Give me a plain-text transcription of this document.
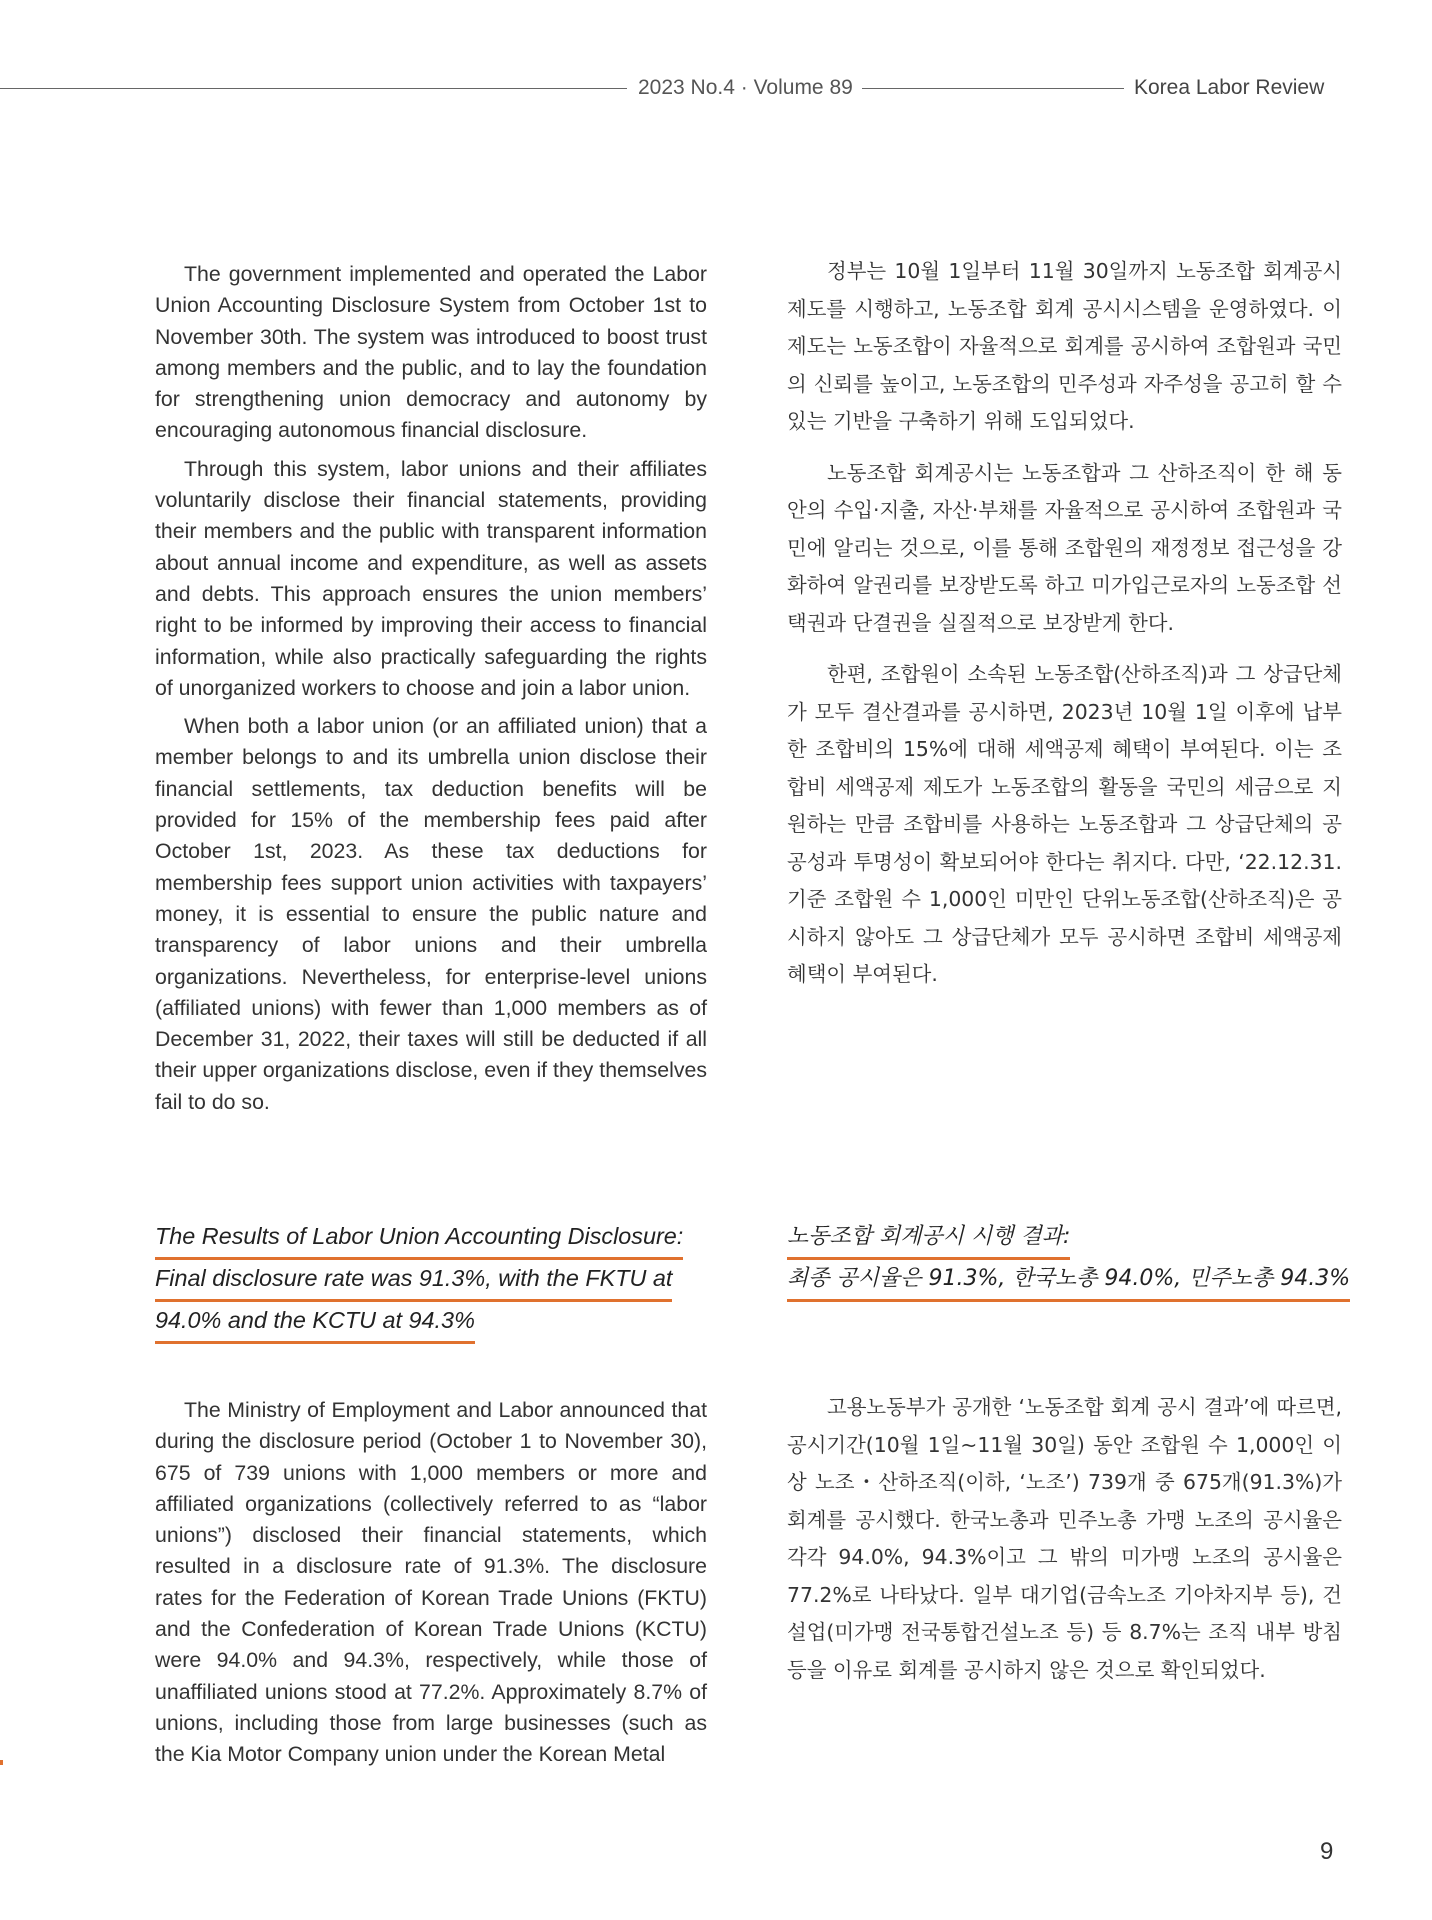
2023 No.4 · Volume 89	Korea Labor Review

The government implemented and operated the Labor Union Accounting Disclosure System from October 1st to November 30th. The system was introduced to boost trust among members and the public, and to lay the foundation for strengthening union democracy and autonomy by encouraging autonomous financial disclosure.

Through this system, labor unions and their affiliates voluntarily disclose their financial statements, providing their members and the public with transparent information about annual income and expenditure, as well as assets and debts. This approach ensures the union members’ right to be informed by improving their access to financial information, while also practically safeguarding the rights of unorganized workers to choose and join a labor union.

When both a labor union (or an affiliated union) that a member belongs to and its umbrella union disclose their financial settlements, tax deduction benefits will be provided for 15% of the membership fees paid after October 1st, 2023. As these tax deductions for membership fees support union activities with taxpayers’ money, it is essential to ensure the public nature and transparency of labor unions and their umbrella organizations. Nevertheless, for enterprise-level unions (affiliated unions) with fewer than 1,000 members as of December 31, 2022, their taxes will still be deducted if all their upper organizations disclose, even if they themselves fail to do so.

정부는 10월 1일부터 11월 30일까지 노동조합 회계공시 제도를 시행하고, 노동조합 회계 공시시스템을 운영하였다. 이 제도는 노동조합이 자율적으로 회계를 공시하여 조합원과 국민의 신뢰를 높이고, 노동조합의 민주성과 자주성을 공고히 할 수 있는 기반을 구축하기 위해 도입되었다.

노동조합 회계공시는 노동조합과 그 산하조직이 한 해 동안의 수입·지출, 자산·부채를 자율적으로 공시하여 조합원과 국민에 알리는 것으로, 이를 통해 조합원의 재정정보 접근성을 강화하여 알권리를 보장받도록 하고 미가입근로자의 노동조합 선택권과 단결권을 실질적으로 보장받게 한다.

한편, 조합원이 소속된 노동조합(산하조직)과 그 상급단체가 모두 결산결과를 공시하면, 2023년 10월 1일 이후에 납부한 조합비의 15%에 대해 세액공제 혜택이 부여된다. 이는 조합비 세액공제 제도가 노동조합의 활동을 국민의 세금으로 지원하는 만큼 조합비를 사용하는 노동조합과 그 상급단체의 공공성과 투명성이 확보되어야 한다는 취지다. 다만, ‘22.12.31. 기준 조합원 수 1,000인 미만인 단위노동조합(산하조직)은 공시하지 않아도 그 상급단체가 모두 공시하면 조합비 세액공제 혜택이 부여된다.

The Results of Labor Union Accounting Disclosure:
Final disclosure rate was 91.3%, with the FKTU at
94.0% and the KCTU at 94.3%
노동조합 회계공시 시행 결과:
최종 공시율은 91.3%, 한국노총 94.0%, 민주노총 94.3%

The Ministry of Employment and Labor announced that during the disclosure period (October 1 to November 30), 675 of 739 unions with 1,000 members or more and affiliated organizations (collectively referred to as “labor unions”) disclosed their financial statements, which resulted in a disclosure rate of 91.3%. The disclosure rates for the Federation of Korean Trade Unions (FKTU) and the Confederation of Korean Trade Unions (KCTU) were 94.0% and 94.3%, respectively, while those of unaffiliated unions stood at 77.2%. Approximately 8.7% of unions, including those from large businesses (such as the Kia Motor Company union under the Korean Metal

고용노동부가 공개한 ‘노동조합 회계 공시 결과’에 따르면, 공시기간(10월 1일~11월 30일) 동안 조합원 수 1,000인 이상 노조・산하조직(이하, ‘노조’) 739개 중 675개(91.3%)가 회계를 공시했다. 한국노총과 민주노총 가맹 노조의 공시율은 각각 94.0%, 94.3%이고 그 밖의 미가맹 노조의 공시율은 77.2%로 나타났다. 일부 대기업(금속노조 기아차지부 등), 건설업(미가맹 전국통합건설노조 등) 등 8.7%는 조직 내부 방침 등을 이유로 회계를 공시하지 않은 것으로 확인되었다.

9
